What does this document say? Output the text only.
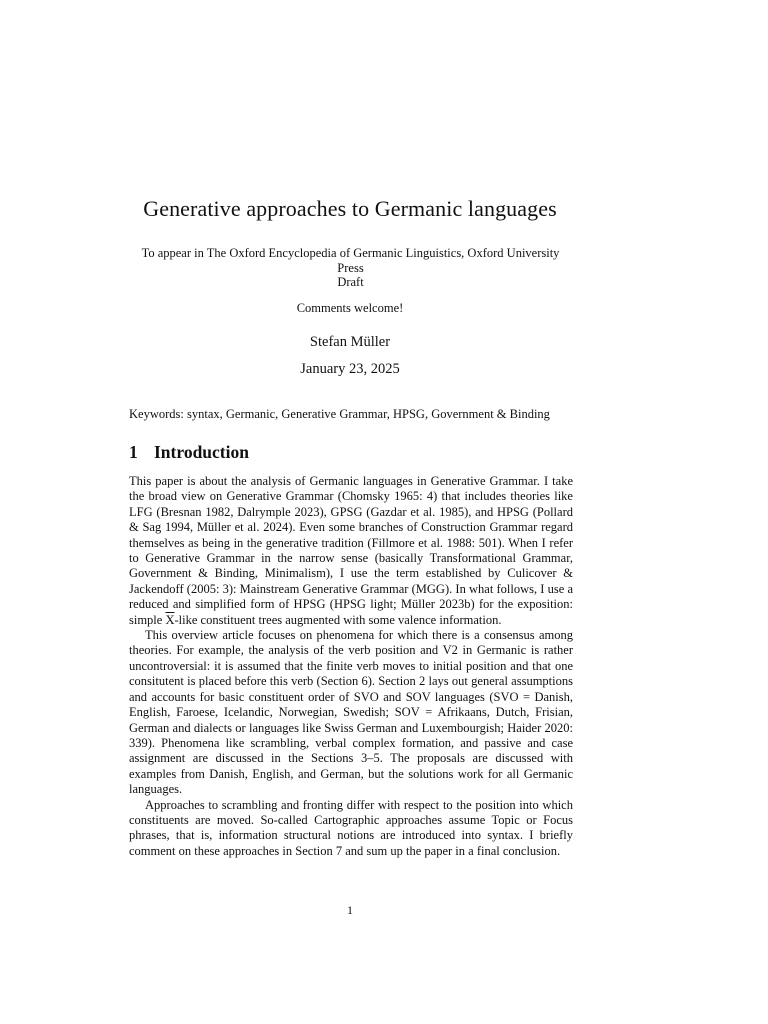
Generative approaches to Germanic languages
To appear in The Oxford Encyclopedia of Germanic Linguistics, Oxford University
Press
Draft
Comments welcome!
Stefan Müller
January 23, 2025
Keywords: syntax, Germanic, Generative Grammar, HPSG, Government & Binding
1 Introduction

This paper is about the analysis of Germanic languages in Generative Grammar. I take the broad view on Generative Grammar (Chomsky 1965: 4) that includes theories like LFG (Bresnan 1982, Dalrymple 2023), GPSG (Gazdar et al. 1985), and HPSG (Pollard & Sag 1994, Müller et al. 2024). Even some branches of Construction Grammar regard themselves as being in the generative tradition (Fillmore et al. 1988: 501). When I refer to Generative Grammar in the narrow sense (basically Transformational Grammar, Government & Binding, Minimalism), I use the term established by Culicover & Jackendoff (2005: 3): Mainstream Generative Grammar (MGG). In what follows, I use a reduced and simplified form of HPSG (HPSG light; Müller 2023b) for the exposition: simple $\overline{X}$-like constituent trees augmented with some valence information.

This overview article focuses on phenomena for which there is a consensus among theories. For example, the analysis of the verb position and V2 in Germanic is rather uncontroversial: it is assumed that the finite verb moves to initial position and that one consitutent is placed before this verb (Section 6). Section 2 lays out general assumptions and accounts for basic constituent order of SVO and SOV languages (SVO = Danish, English, Faroese, Icelandic, Norwegian, Swedish; SOV = Afrikaans, Dutch, Frisian, German and dialects or languages like Swiss German and Luxembourgish; Haider 2020: 339). Phenomena like scrambling, verbal complex formation, and passive and case assignment are discussed in the Sections 3–5. The proposals are discussed with examples from Danish, English, and German, but the solutions work for all Germanic languages.

Approaches to scrambling and fronting differ with respect to the position into which constituents are moved. So-called Cartographic approaches assume Topic or Focus phrases, that is, information structural notions are introduced into syntax. I briefly comment on these approaches in Section 7 and sum up the paper in a final conclusion.

1
